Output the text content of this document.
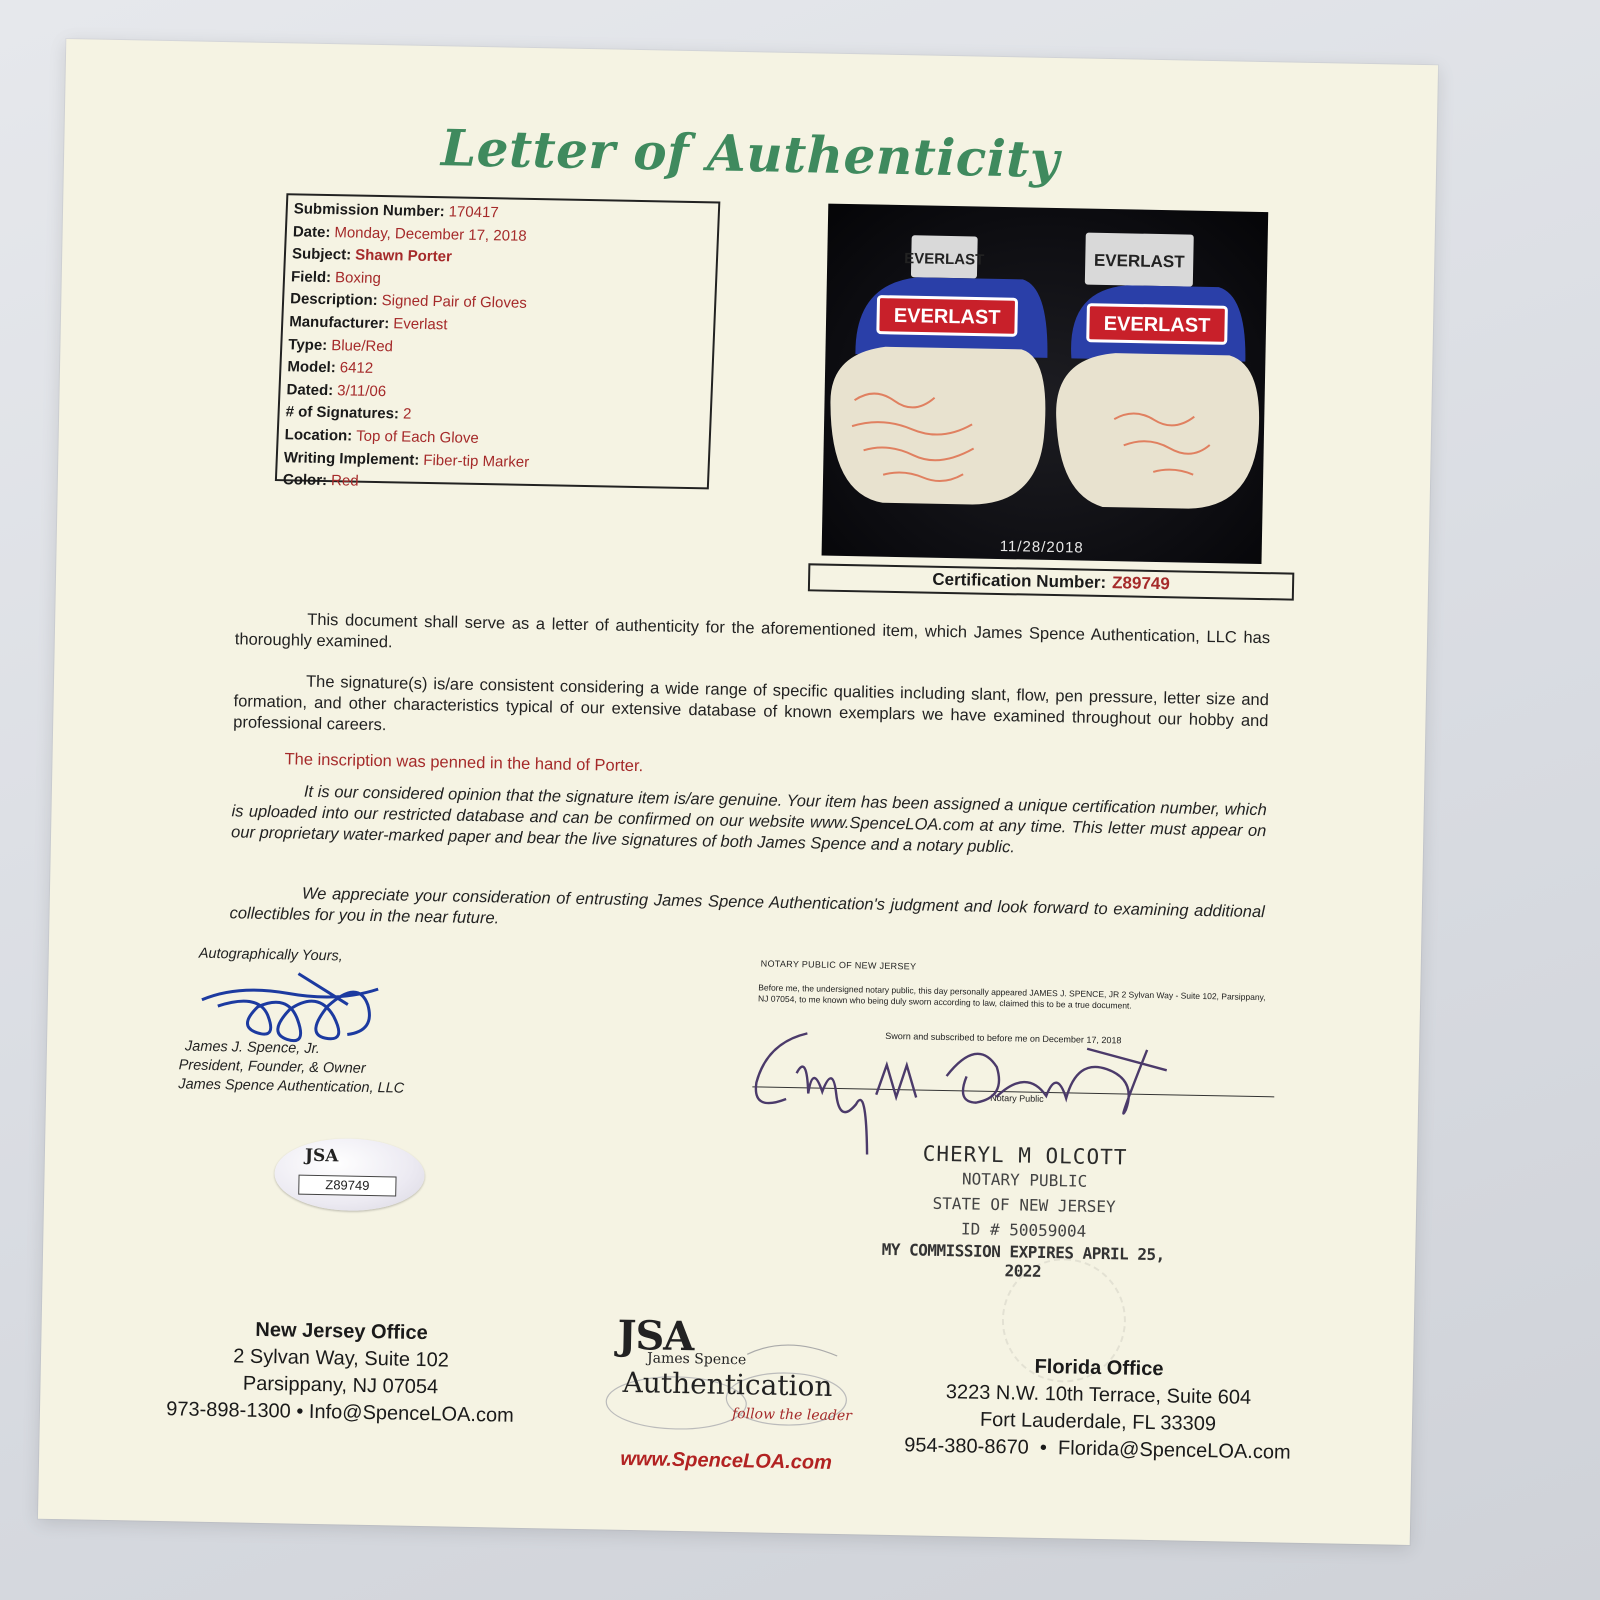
Letter of Authenticity
Submission Number: 170417
Date: Monday, December 17, 2018
Subject: Shawn Porter
Field: Boxing
Description: Signed Pair of Gloves
Manufacturer: Everlast
Type: Blue/Red
Model: 6412
Dated: 3/11/06
# of Signatures: 2
Location: Top of Each Glove
Writing Implement: Fiber-tip Marker
Color: Red
EVERLAST
EVERLAST
EVERLAST
EVERLAST
11/28/2018
Certification Number: Z89749
This document shall serve as a letter of authenticity for the aforementioned item, which James Spence Authentication, LLC has thoroughly examined.
The signature(s) is/are consistent considering a wide range of specific qualities including slant, flow, pen pressure, letter size and formation, and other characteristics typical of our extensive database of known exemplars we have examined throughout our hobby and professional careers.
The inscription was penned in the hand of Porter.
It is our considered opinion that the signature item is/are genuine. Your item has been assigned a unique certification number, which is uploaded into our restricted database and can be confirmed on our website www.SpenceLOA.com at any time. This letter must appear on our proprietary water-marked paper and bear the live signatures of both James Spence and a notary public.
We appreciate your consideration of entrusting James Spence Authentication's judgment and look forward to examining additional collectibles for you in the near future.
Autographically Yours,
James J. Spence, Jr.
President, Founder, & Owner
James Spence Authentication, LLC
JSA
Z89749
NOTARY PUBLIC OF NEW JERSEY
Before me, the undersigned notary public, this day personally appeared JAMES J. SPENCE, JR 2 Sylvan Way - Suite 102, Parsippany, NJ 07054, to me known who being duly sworn according to law, claimed this to be a true document.
Sworn and subscribed to before me on December 17, 2018
Notary Public
CHERYL M OLCOTT
NOTARY PUBLIC
STATE OF NEW JERSEY
ID # 50059004
MY COMMISSION EXPIRES APRIL 25, 2022
New Jersey Office
2 Sylvan Way, Suite 102
Parsippany, NJ 07054
973-898-1300 • Info@SpenceLOA.com
JSA
James Spence
Authentication
follow the leader
www.SpenceLOA.com
Florida Office
3223 N.W. 10th Terrace, Suite 604
Fort Lauderdale, FL 33309
954-380-8670  •  Florida@SpenceLOA.com
